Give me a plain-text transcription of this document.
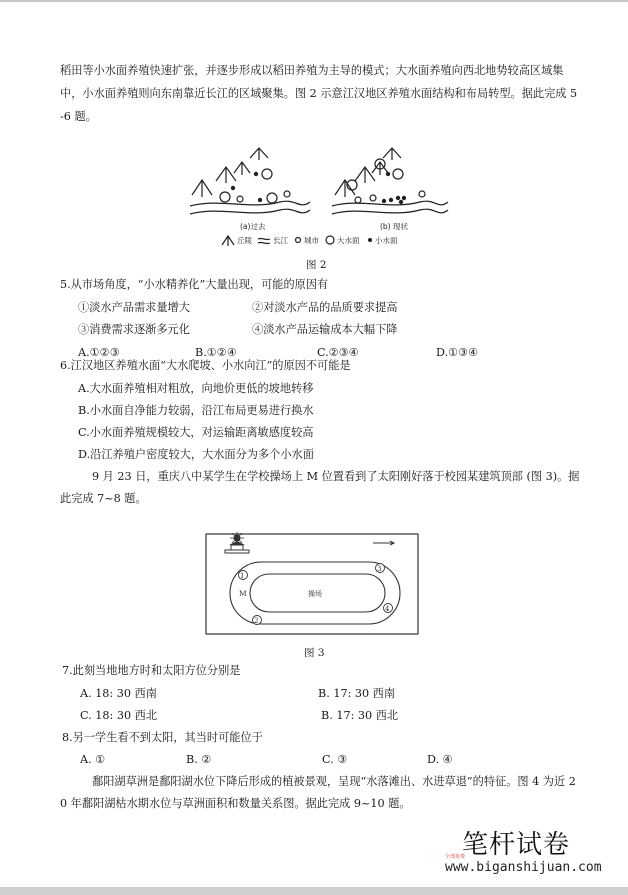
稻田等小水面养殖快速扩张，并逐步形成以稻田养殖为主导的模式；大水面养殖向西北地势较高区域集
中，小水面养殖则向东南靠近长江的区域聚集。图 2 示意江汉地区养殖水面结构和布局转型。据此完成 5
-6 题。
(a)过去	(b) 现状
丘陵	长江 城市 大水面 小水面
图 2
5.从市场角度，“小水精养化”大量出现，可能的原因有
①淡水产品需求量增大	②对淡水产品的品质要求提高
③消费需求逐渐多元化	④淡水产品运输成本大幅下降
A.①②③	B.①②④	C.②③④	D.①③④
6.江汉地区养殖水面“大水爬坡、小水向江”的原因不可能是
A.大水面养殖相对粗放，向地价更低的坡地转移
B.小水面自净能力较弱，沿江布局更易进行换水
C.小水面养殖规模较大，对运输距离敏感度较高
D.沿江养殖户密度较大，大水面分为多个小水面
9 月 23 日，重庆八中某学生在学校操场上 M 位置看到了太阳刚好落于校园某建筑顶部 (图 3)。据
此完成 7~8 题。
1
2
3
4
M	操场
图 3
7.此刻当地地方时和太阳方位分别是
A. 18: 30 西南	B. 17: 30 西南
C. 18: 30 西北	B. 17: 30 西北
8.另一学生看不到太阳，其当时可能位于
A. ①	B. ②	C. ③	D. ④
鄱阳湖草洲是鄱阳湖水位下降后形成的植被景观，呈现“水落滩出、水进草退”的特征。图 4 为近 2
0 年鄱阳湖枯水期水位与草洲面积和数量关系图。据此完成 9~10 题。
笔杆试卷
全部免费
www.biganshijuan.com
